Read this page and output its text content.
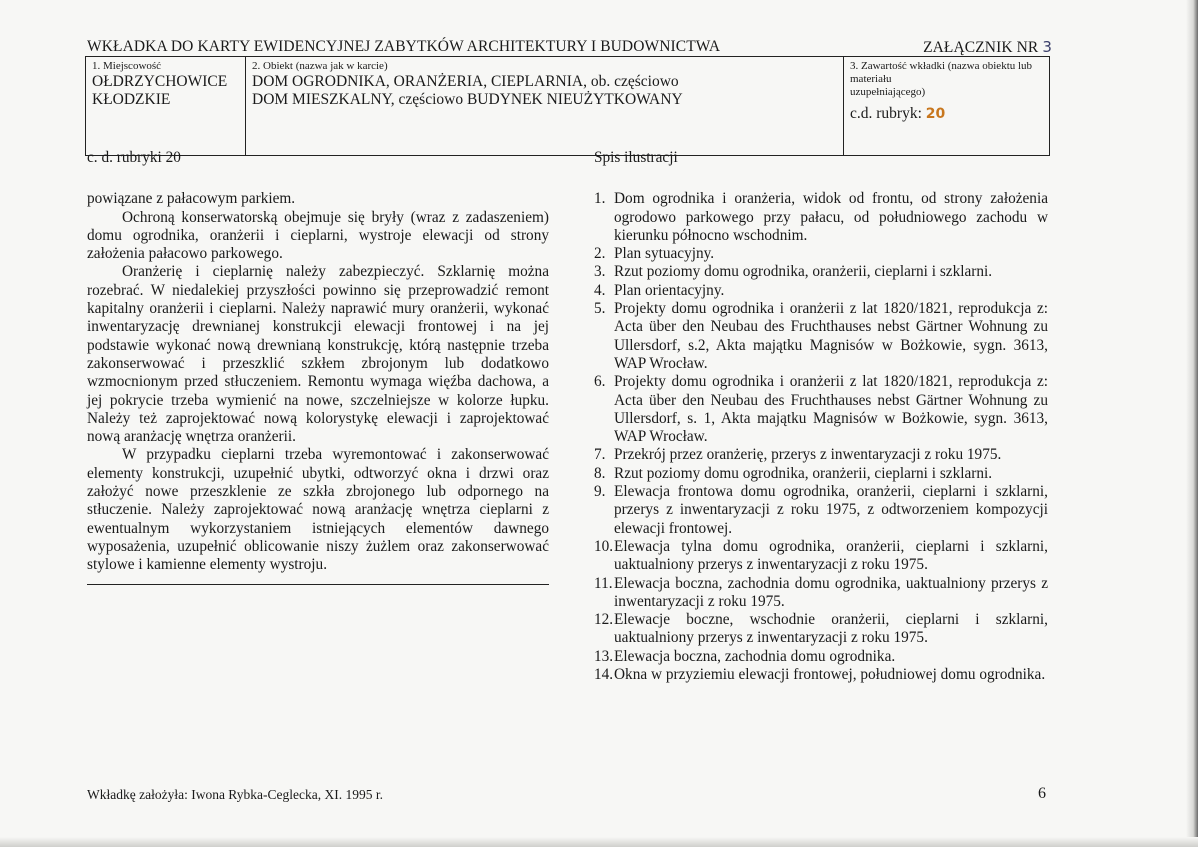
WKŁADKA DO KARTY EWIDENCYJNEJ ZABYTKÓW ARCHITEKTURY I BUDOWNICTWA	ZAŁĄCZNIK NR 3
1. Miejscowość
OŁDRZYCHOWICE
KŁODZKIE
2. Obiekt (nazwa jak w karcie)
DOM OGRODNIKA, ORANŻERIA, CIEPLARNIA, ob. częściowo
DOM MIESZKALNY, częściowo BUDYNEK NIEUŻYTKOWANY
3. Zawartość wkładki (nazwa obiektu lub materiału
uzupełniającego)
c.d. rubryk: 20
c. d. rubryki 20

powiązane z pałacowym parkiem.

Ochroną konserwatorską obejmuje się bryły (wraz z zadaszeniem) domu ogrodnika, oranżerii i cieplarni, wystroje elewacji od strony założenia pałacowo parkowego.

Oranżerię i cieplarnię należy zabezpieczyć. Szklarnię można rozebrać. W niedalekiej przyszłości powinno się przeprowadzić remont kapitalny oranżerii i cieplarni. Należy naprawić mury oranżerii, wykonać inwentaryzację drewnianej konstrukcji elewacji frontowej i na jej podstawie wykonać nową drewnianą konstrukcję, którą następnie trzeba zakonserwować i przeszklić szkłem zbrojonym lub dodatkowo wzmocnionym przed stłuczeniem. Remontu wymaga więźba dachowa, a jej pokrycie trzeba wymienić na nowe, szczelniejsze w kolorze łupku. Należy też zaprojektować nową kolorystykę elewacji i zaprojektować nową aranżację wnętrza oranżerii.

W przypadku cieplarni trzeba wyremontować i zakonserwować elementy konstrukcji, uzupełnić ubytki, odtworzyć okna i drzwi oraz założyć nowe przeszklenie ze szkła zbrojonego lub odpornego na stłuczenie. Należy zaprojektować nową aranżację wnętrza cieplarni z ewentualnym wykorzystaniem istniejących elementów dawnego wyposażenia, uzupełnić oblicowanie niszy żużlem oraz zakonserwować stylowe i kamienne elementy wystroju.

Spis ilustracji
1. Dom ogrodnika i oranżeria, widok od frontu, od strony założenia ogrodowo parkowego przy pałacu, od południowego zachodu w kierunku północno wschodnim.
2. Plan sytuacyjny.
3. Rzut poziomy domu ogrodnika, oranżerii, cieplarni i szklarni.
4. Plan orientacyjny.
5. Projekty domu ogrodnika i oranżerii z lat 1820/1821, reprodukcja z: Acta über den Neubau des Fruchthauses nebst Gärtner Wohnung zu Ullersdorf, s.2, Akta majątku Magnisów w Bożkowie, sygn. 3613, WAP Wrocław.
6. Projekty domu ogrodnika i oranżerii z lat 1820/1821, reprodukcja z: Acta über den Neubau des Fruchthauses nebst Gärtner Wohnung zu Ullersdorf, s. 1, Akta majątku Magnisów w Bożkowie, sygn. 3613, WAP Wrocław.
7. Przekrój przez oranżerię, przerys z inwentaryzacji z roku 1975.
8. Rzut poziomy domu ogrodnika, oranżerii, cieplarni i szklarni.
9. Elewacja frontowa domu ogrodnika, oranżerii, cieplarni i szklarni, przerys z inwentaryzacji z roku 1975, z odtworzeniem kompozycji elewacji frontowej.
10. Elewacja tylna domu ogrodnika, oranżerii, cieplarni i szklarni, uaktualniony przerys z inwentaryzacji z roku 1975.
11. Elewacja boczna, zachodnia domu ogrodnika, uaktualniony przerys z inwentaryzacji z roku 1975.
12. Elewacje boczne, wschodnie oranżerii, cieplarni i szklarni, uaktualniony przerys z inwentaryzacji z roku 1975.
13. Elewacja boczna, zachodnia domu ogrodnika.
14. Okna w przyziemiu elewacji frontowej, południowej domu ogrodnika.
Wkładkę założyła: Iwona Rybka-Ceglecka, XI. 1995 r.	6
